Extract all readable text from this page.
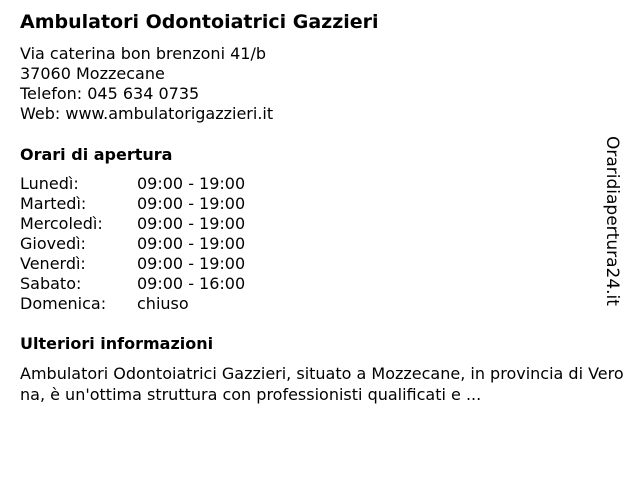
Ambulatori Odontoiatrici Gazzieri
Via caterina bon brenzoni 41/b
37060 Mozzecane
Telefon: 045 634 0735
Web: www.ambulatorigazzieri.it
Orari di apertura
Lunedì:	09:00 - 19:00
Martedì:	09:00 - 19:00
Mercoledì: 09:00 - 19:00
Giovedì:	09:00 - 19:00
Venerdì:	09:00 - 19:00
Sabato:	09:00 - 16:00
Domenica: chiuso
Ulteriori informazioni
Ambulatori Odontoiatrici Gazzieri, situato a Mozzecane, in provincia di Verona, è un'ottima struttura con professionisti qualificati e ...
Oraridiapertura24.it
